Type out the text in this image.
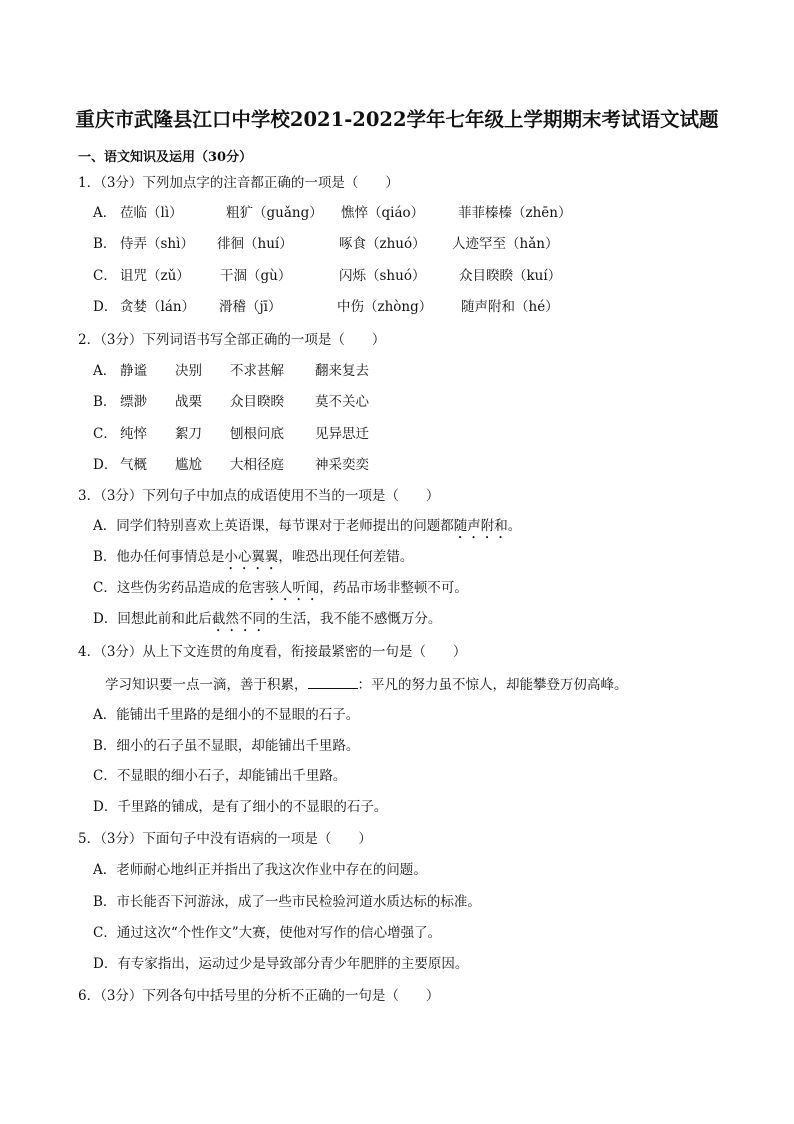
重庆市武隆县江口中学校2021-2022学年七年级上学期期末考试语文试题
一、语文知识及运用（30分）
1．（3分）下列加点字的注音都正确的一项是（　　）
A． 莅临（lì）	粗犷（guǎng） 憔悴（qiáo）	菲菲榛榛（zhēn）
B． 侍弄（shì） 徘徊（huí）	啄食（zhuó） 人迹罕至（hǎn）
C． 诅咒（zǔ） 干涸（gù）	闪烁（shuó） 众目睽睽（kuí）
D． 贪婪（lán） 滑稽（jī）	中伤（zhòng） 随声附和（hé）
2．（3分）下列词语书写全部正确的一项是（　　）
A． 静谧 决别 不求甚解 翻来复去
B． 缥渺 战栗 众目睽睽 莫不关心
C． 纯悴 絮刀 刨根问底 见异思迁
D． 气概 尴尬 大相径庭 神采奕奕
3．（3分）下列句子中加点的成语使用不当的一项是（　　）
A．同学们特别喜欢上英语课，每节课对于老师提出的问题都随声附和。
B．他办任何事情总是小心翼翼，唯恐出现任何差错。
C．这些伪劣药品造成的危害骇人听闻，药品市场非整顿不可。
D．回想此前和此后截然不同的生活，我不能不感慨万分。
4．（3分）从上下文连贯的角度看，衔接最紧密的一句是（　　）
学习知识要一点一滴，善于积累，	：平凡的努力虽不惊人，却能攀登万仞高峰。
A．能铺出千里路的是细小的不显眼的石子。
B．细小的石子虽不显眼，却能铺出千里路。
C．不显眼的细小石子，却能铺出千里路。
D．千里路的铺成，是有了细小的不显眼的石子。
5．（3分）下面句子中没有语病的一项是（　　）
A．老师耐心地纠正并指出了我这次作业中存在的问题。
B．市长能否下河游泳，成了一些市民检验河道水质达标的标准。
C．通过这次“个性作文”大赛，使他对写作的信心增强了。
D．有专家指出，运动过少是导致部分青少年肥胖的主要原因。
6．（3分）下列各句中括号里的分析不正确的一句是（　　）
